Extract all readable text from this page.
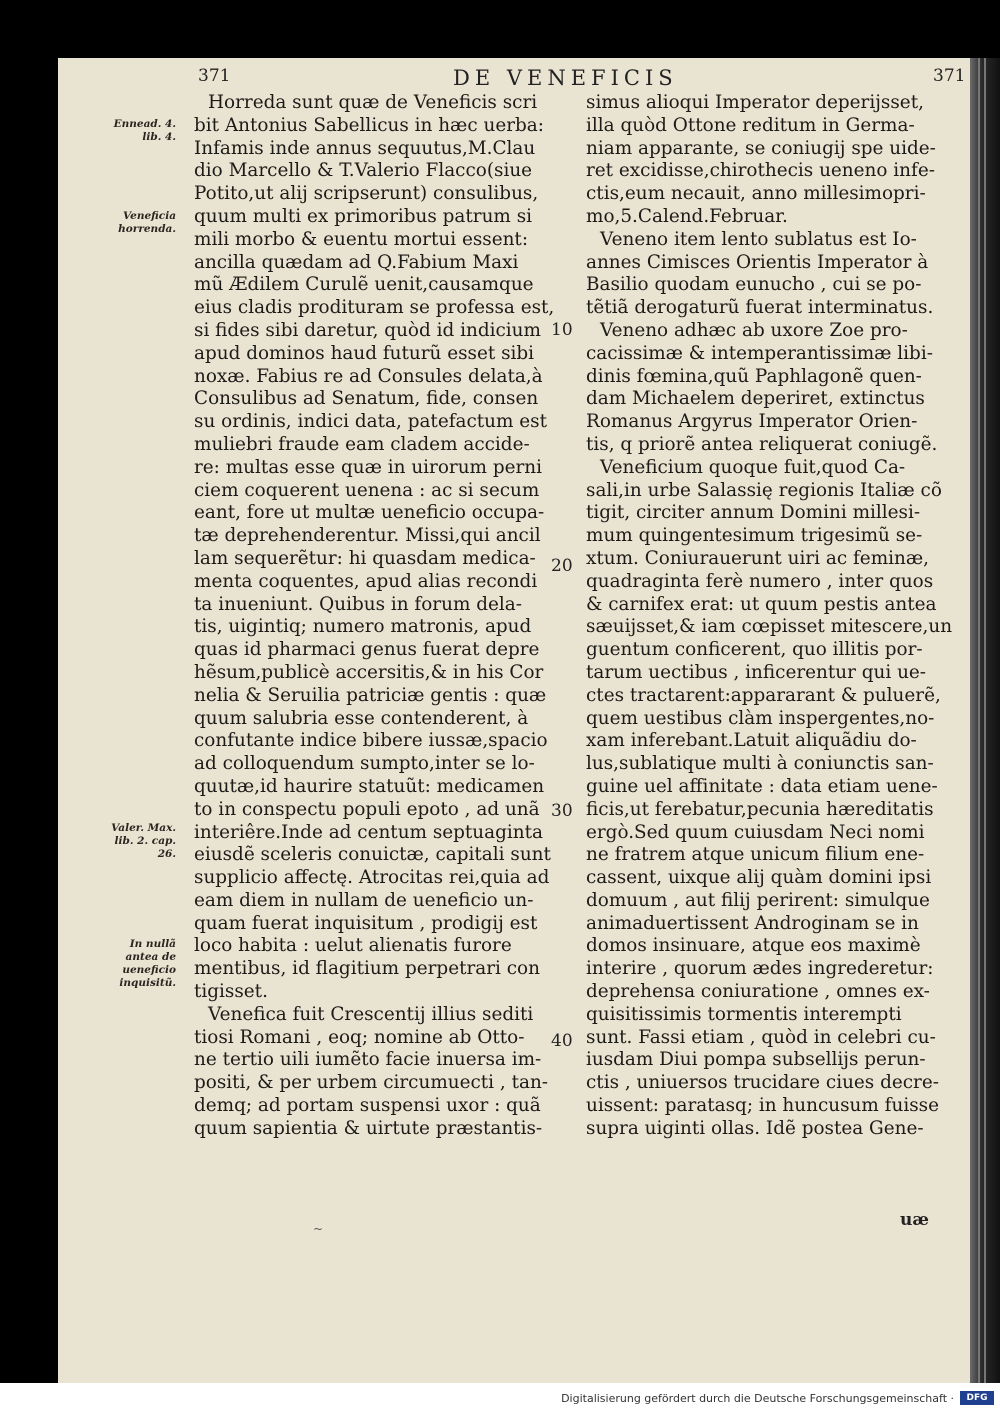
371	DE VENEFICIS	371
Ennead. 4. lib. 4.
Veneficia horrenda.
Valer. Max. lib. 2. cap. 26.
In nullã antea de ueneficio inquisitũ.
Horreda sunt quæ de Veneficis scri
bit Antonius Sabellicus in hæc uerba:
Infamis inde annus sequutus,M.Clau
dio Marcello & T.Valerio Flacco(siue
Potito,ut alij scripserunt) consulibus,
quum multi ex primoribus patrum si
mili morbo & euentu mortui essent:
ancilla quædam ad Q.Fabium Maxi
mũ Ædilem Curulẽ uenit,causamque
eius cladis prodituram se professa est,
si fides sibi daretur, quòd id indicium
apud dominos haud futurũ esset sibi
noxæ. Fabius re ad Consules delata,à
Consulibus ad Senatum, fide, consen
su ordinis, indici data, patefactum est
muliebri fraude eam cladem accide-
re: multas esse quæ in uirorum perni
ciem coquerent uenena : ac si secum
eant, fore ut multæ ueneficio occupa-
tæ deprehenderentur. Missi,qui ancil
lam sequerẽtur: hi quasdam medica-
menta coquentes, apud alias recondi
ta inueniunt. Quibus in forum dela-
tis, uigintiq; numero matronis, apud
quas id pharmaci genus fuerat depre
hẽsum,publicè accersitis,& in his Cor
nelia & Seruilia patriciæ gentis : quæ
quum salubria esse contenderent, à
confutante indice bibere iussæ,spacio
ad colloquendum sumpto,inter se lo-
quutæ,id haurire statuũt: medicamen
to in conspectu populi epoto , ad unã
interiêre.Inde ad centum septuaginta
eiusdẽ sceleris conuictæ, capitali sunt
supplicio affectę. Atrocitas rei,quia ad
eam diem in nullam de ueneficio un-
quam fuerat inquisitum , prodigij est
loco habita : uelut alienatis furore
mentibus, id flagitium perpetrari con
tigisset.
Venefica fuit Crescentij illius sediti
tiosi Romani , eoq; nomine ab Otto-
ne tertio uili iumẽto facie inuersa im-
positi, & per urbem circumuecti , tan-
demq; ad portam suspensi uxor : quã
quum sapientia & uirtute præstantis-
simus alioqui Imperator deperijsset,
illa quòd Ottone reditum in Germa-
niam apparante, se coniugij spe uide-
ret excidisse,chirothecis ueneno infe-
ctis,eum necauit, anno millesimopri-
mo,5.Calend.Februar.
Veneno item lento sublatus est Io-
annes Cimisces Orientis Imperator à
Basilio quodam eunucho , cui se po-
tẽtiã derogaturũ fuerat interminatus.
Veneno adhæc ab uxore Zoe pro-
cacissimæ & intemperantissimæ libi-
dinis fœmina,quũ Paphlagonẽ quen-
dam Michaelem deperiret, extinctus
Romanus Argyrus Imperator Orien-
tis, q priorẽ antea reliquerat coniugẽ.
Veneficium quoque fuit,quod Ca-
sali,in urbe Salassię regionis Italiæ cõ
tigit, circiter annum Domini millesi-
mum quingentesimum trigesimũ se-
xtum. Coniurauerunt uiri ac feminæ,
quadraginta ferè numero , inter quos
& carnifex erat: ut quum pestis antea
sæuijsset,& iam cœpisset mitescere,un
guentum conficerent, quo illitis por-
tarum uectibus , inficerentur qui ue-
ctes tractarent:appararant & puluerẽ,
quem uestibus clàm inspergentes,no-
xam inferebant.Latuit aliquãdiu do-
lus,sublatique multi à coniunctis san-
guine uel affinitate : data etiam uene-
ficis,ut ferebatur,pecunia hæreditatis
ergò.Sed quum cuiusdam Neci nomi
ne fratrem atque unicum filium ene-
cassent, uixque alij quàm domini ipsi
domuum , aut filij perirent: simulque
animaduertissent Androginam se in
domos insinuare, atque eos maximè
interire , quorum ædes ingrederetur:
deprehensa coniuratione , omnes ex-
quisitissimis tormentis interempti
sunt. Fassi etiam , quòd in celebri cu-
iusdam Diui pompa subsellijs perun-
ctis , uniuersos trucidare ciues decre-
uissent: paratasq; in huncusum fuisse
supra uiginti ollas. Idẽ postea Gene-
10
20
30
40
uæ
~
Digitalisierung gefördert durch die Deutsche Forschungsgemeinschaft ·	DFG
